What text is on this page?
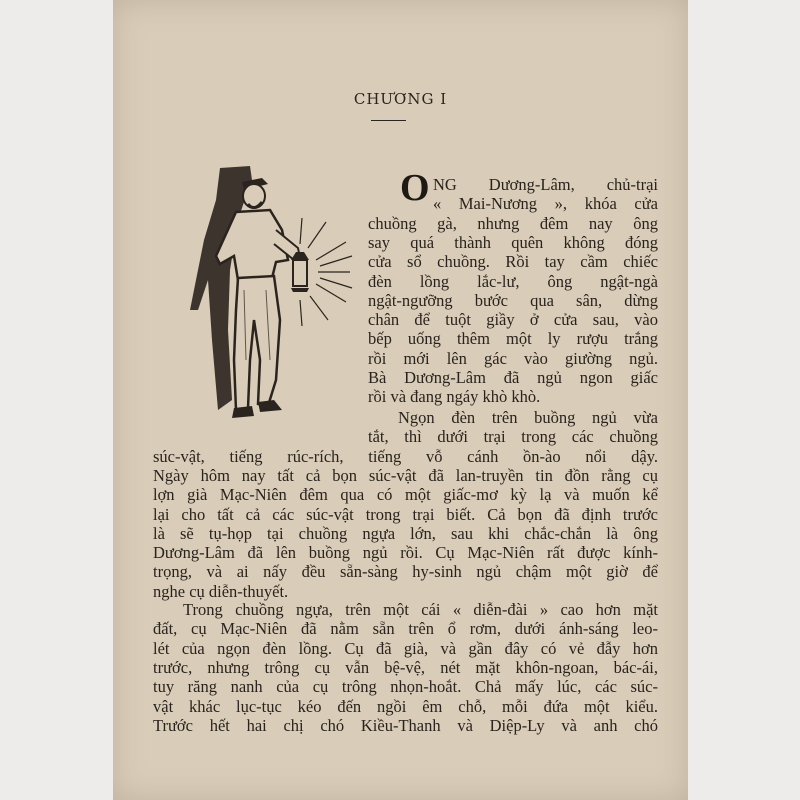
CHƯƠNG I
O NG Dương-Lâm, chủ-trại
« Mai-Nương », khóa cửa
chuồng gà, nhưng đêm nay ông
say quá thành quên không đóng
cửa sổ chuồng. Rồi tay cầm chiếc
đèn lồng lắc-lư, ông ngật-ngà
ngật-ngưỡng bước qua sân, dừng
chân để tuột giầy ở cửa sau, vào
bếp uống thêm một ly rượu trắng
rồi mới lên gác vào giường ngủ.
Bà Dương-Lâm đã ngủ ngon giấc
rồi và đang ngáy khò khò.
Ngọn đèn trên buồng ngủ vừa
tắt, thì dưới trại trong các chuồng
súc-vật, tiếng rúc-rích, tiếng vỗ cánh ồn-ào nổi dậy.
Ngày hôm nay tất cả bọn súc-vật đã lan-truyền tin đồn rằng cụ
lợn già Mạc-Niên đêm qua có một giấc-mơ kỳ lạ và muốn kể
lại cho tất cả các súc-vật trong trại biết. Cả bọn đã định trước
là sẽ tụ-họp tại chuồng ngựa lớn, sau khi chắc-chắn là ông
Dương-Lâm đã lên buồng ngủ rồi. Cụ Mạc-Niên rất được kính-
trọng, và ai nấy đều sẵn-sàng hy-sinh ngủ chậm một giờ để
nghe cụ diễn-thuyết.
Trong chuồng ngựa, trên một cái « diễn-đài » cao hơn mặt
đất, cụ Mạc-Niên đã nằm sẵn trên ổ rơm, dưới ánh-sáng leo-
lét của ngọn đèn lồng. Cụ đã già, và gần đây có vẻ đẫy hơn
trước, nhưng trông cụ vẫn bệ-vệ, nét mặt khôn-ngoan, bác-ái,
tuy răng nanh của cụ trông nhọn-hoắt. Chả mấy lúc, các súc-
vật khác lục-tục kéo đến ngồi êm chỗ, mỗi đứa một kiểu.
Trước hết hai chị chó Kiều-Thanh và Diệp-Ly và anh chó
